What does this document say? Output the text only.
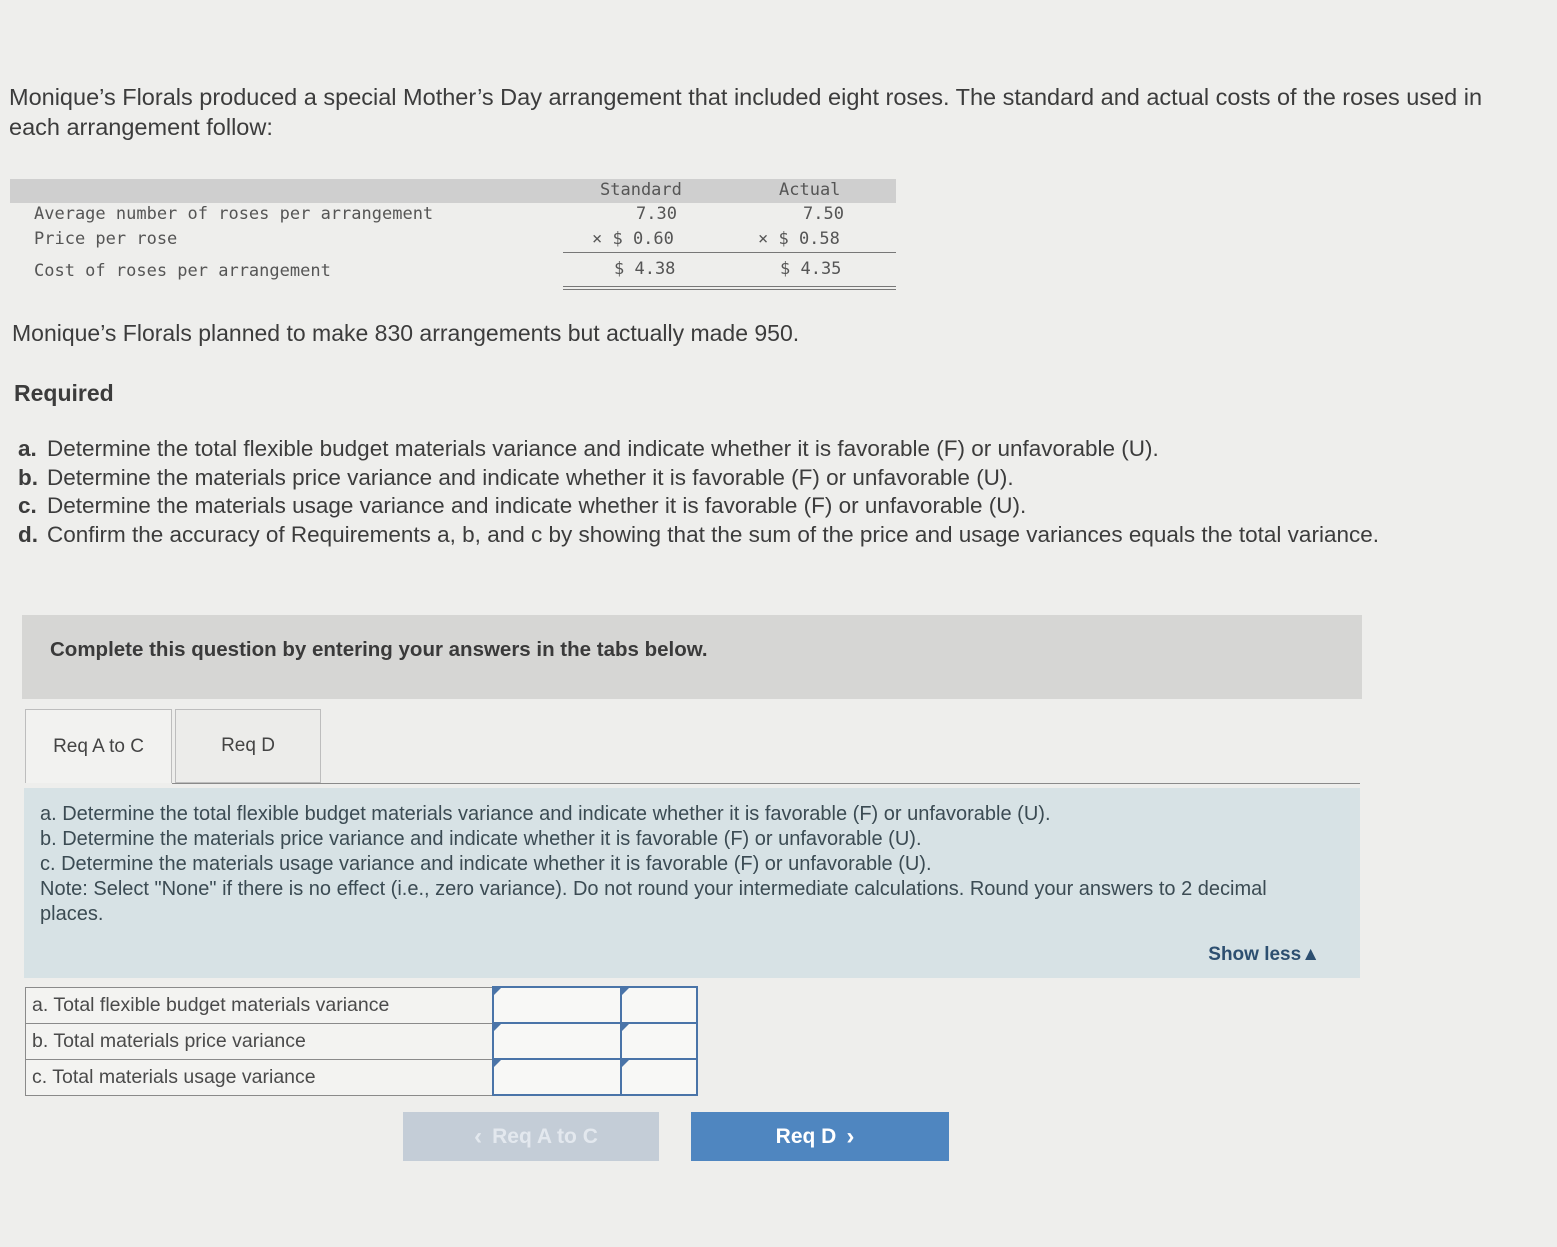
Monique’s Florals produced a special Mother’s Day arrangement that included eight roses. The standard and actual costs of the roses used in each arrangement follow:

Standard	Actual
Average number of roses per arrangement	7.30	7.50
Price per rose	× $ 0.60	× $ 0.58
Cost of roses per arrangement	$ 4.38	$ 4.35

Monique’s Florals planned to make 830 arrangements but actually made 950.

Required

a. Determine the total flexible budget materials variance and indicate whether it is favorable (F) or unfavorable (U).
b. Determine the materials price variance and indicate whether it is favorable (F) or unfavorable (U).
c. Determine the materials usage variance and indicate whether it is favorable (F) or unfavorable (U).
d. Confirm the accuracy of Requirements a, b, and c by showing that the sum of the price and usage variances equals the total variance.
Complete this question by entering your answers in the tabs below.
Req A to C	Req D

a. Determine the total flexible budget materials variance and indicate whether it is favorable (F) or unfavorable (U).
b. Determine the materials price variance and indicate whether it is favorable (F) or unfavorable (U).
c. Determine the materials usage variance and indicate whether it is favorable (F) or unfavorable (U).
Note: Select "None" if there is no effect (i.e., zero variance). Do not round your intermediate calculations. Round your answers to 2 decimal places.

Show less▲
a. Total flexible budget materials variance	

b. Total materials price variance	

c. Total materials usage variance	

‹ Req A to C	Req D ›
